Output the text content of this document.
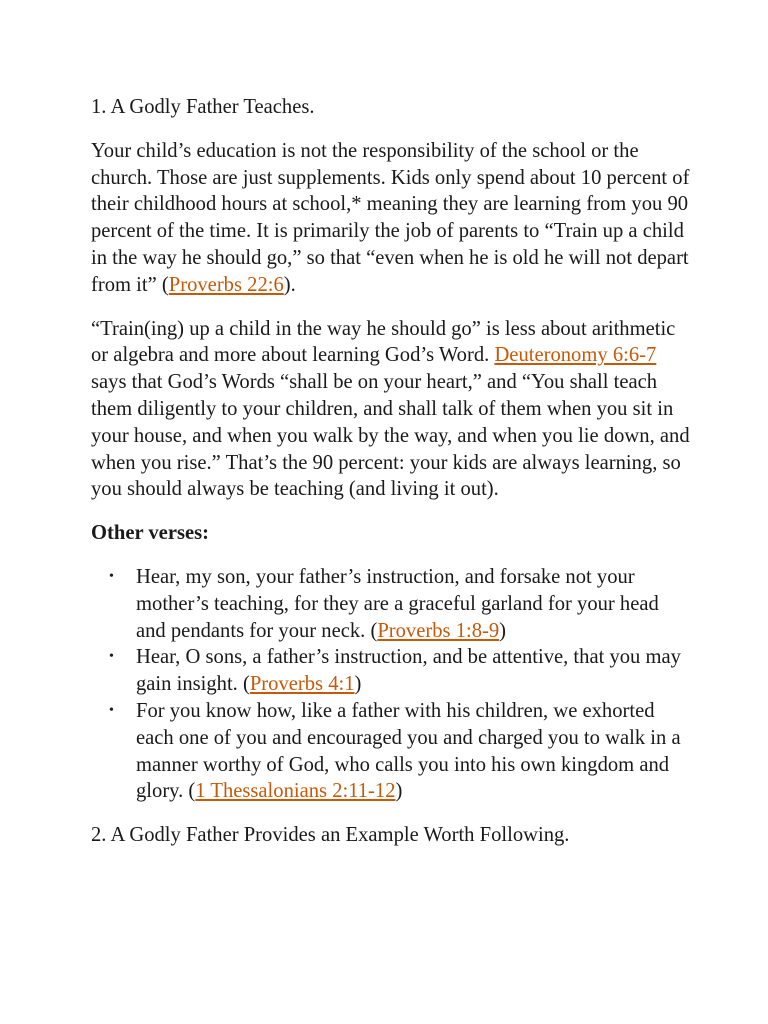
1. A Godly Father Teaches.

Your child’s education is not the responsibility of the school or the church. Those are just supplements. Kids only spend about 10 percent of their childhood hours at school,* meaning they are learning from you 90 percent of the time. It is primarily the job of parents to “Train up a child in the way he should go,” so that “even when he is old he will not depart from it” (Proverbs 22:6).

“Train(ing) up a child in the way he should go” is less about arithmetic or algebra and more about learning God’s Word. Deuteronomy 6:6-7 says that God’s Words “shall be on your heart,” and “You shall teach them diligently to your children, and shall talk of them when you sit in your house, and when you walk by the way, and when you lie down, and when you rise.” That’s the 90 percent: your kids are always learning, so you should always be teaching (and living it out).

Other verses:

• Hear, my son, your father’s instruction, and forsake not your mother’s teaching, for they are a graceful garland for your head and pendants for your neck. (Proverbs 1:8-9)
• Hear, O sons, a father’s instruction, and be attentive, that you may gain insight. (Proverbs 4:1)
• For you know how, like a father with his children, we exhorted each one of you and encouraged you and charged you to walk in a manner worthy of God, who calls you into his own kingdom and glory. (1 Thessalonians 2:11-12)

2. A Godly Father Provides an Example Worth Following.
